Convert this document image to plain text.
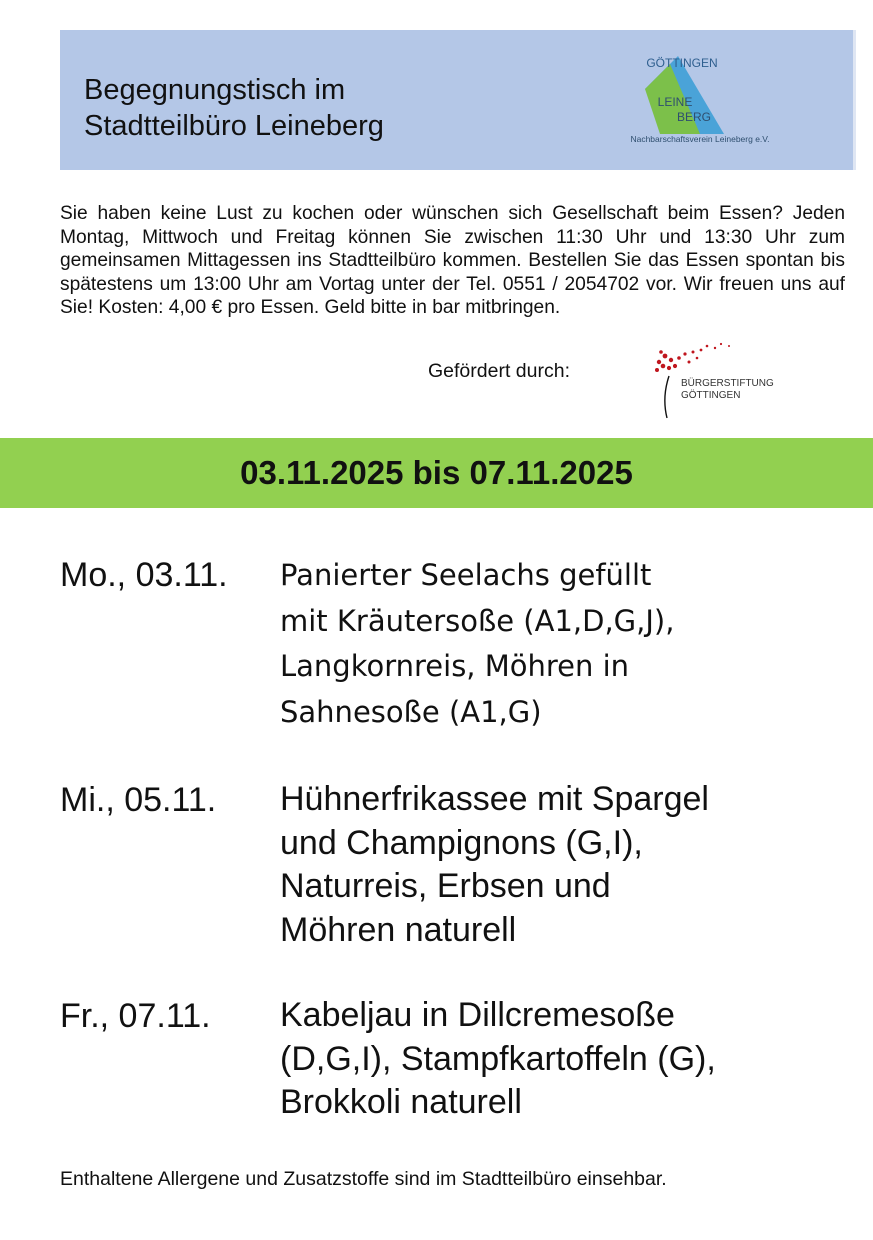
Begegnungstisch im
Stadtteilbüro Leineberg
GÖTTINGEN
LEINE
BERG
Nachbarschaftsverein Leineberg e.V.
Sie haben keine Lust zu kochen oder wünschen sich Gesellschaft beim Essen? Jeden Montag, Mittwoch und Freitag können Sie zwischen 11:30 Uhr und 13:30 Uhr zum gemeinsamen Mittagessen ins Stadtteilbüro kommen. Bestellen Sie das Essen spontan bis spätestens um 13:00 Uhr am Vortag unter der Tel. 0551 / 2054702 vor. Wir freuen uns auf Sie! Kosten: 4,00 € pro Essen. Geld bitte in bar mitbringen.
Gefördert durch:
BÜRGERSTIFTUNG
GÖTTINGEN
03.11.2025 bis 07.11.2025
Mo., 03.11. Panierter Seelachs gefüllt
mit Kräutersoße (A1,D,G,J),
Langkornreis, Möhren in
Sahnesoße (A1,G)
Mi., 05.11. Hühnerfrikassee mit Spargel
und Champignons (G,I),
Naturreis, Erbsen und
Möhren naturell
Fr., 07.11. Kabeljau in Dillcremesoße
(D,G,I), Stampfkartoffeln (G),
Brokkoli naturell
Enthaltene Allergene und Zusatzstoffe sind im Stadtteilbüro einsehbar.
